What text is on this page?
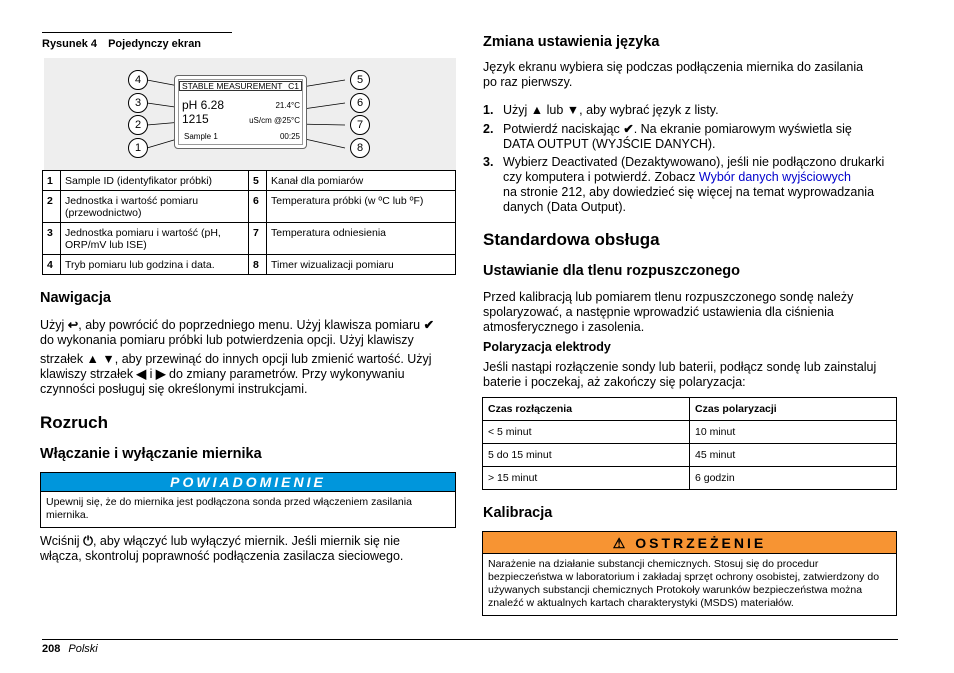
Rysunek 4 Pojedynczy ekran
STABLE MEASUREMENT C1
pH 6.28
1215
21.4°C
uS/cm @25°C
Sample 1	00:25
4
3
2
1
5
6
7
8
1	Sample ID (identyfikator próbki)	5	Kanał dla pomiarów
2	Jednostka i wartość pomiaru (przewodnictwo)	6	Temperatura próbki (w ºC lub ºF)
3	Jednostka pomiaru i wartość (pH, ORP/mV lub ISE)	7	Temperatura odniesienia
4	Tryb pomiaru lub godzina i data.	8	Timer wizualizacji pomiaru
Nawigacja
Użyj ↩, aby powrócić do poprzedniego menu. Użyj klawisza pomiaru ✔
do wykonania pomiaru próbki lub potwierdzenia opcji. Użyj klawiszy
strzałek ▲ ▼, aby przewinąć do innych opcji lub zmienić wartość. Użyj
klawiszy strzałek ◀ i ▶ do zmiany parametrów. Przy wykonywaniu
czynności posługuj się określonymi instrukcjami.
Rozruch
Włączanie i wyłączanie miernika
POWIADOMIENIE
Upewnij się, że do miernika jest podłączona sonda przed włączeniem zasilania miernika.
Wciśnij ⏻, aby włączyć lub wyłączyć miernik. Jeśli miernik się nie
włącza, skontroluj poprawność podłączenia zasilacza sieciowego.
Zmiana ustawienia języka
Język ekranu wybiera się podczas podłączenia miernika do zasilania
po raz pierwszy.
1. Użyj ▲ lub ▼, aby wybrać język z listy.
2. Potwierdź naciskając ✔. Na ekranie pomiarowym wyświetla się
DATA OUTPUT (WYJŚCIE DANYCH).
3. Wybierz Deactivated (Dezaktywowano), jeśli nie podłączono drukarki
czy komputera i potwierdź. Zobacz Wybór danych wyjściowych
na stronie 212, aby dowiedzieć się więcej na temat wyprowadzania
danych (Data Output).
Standardowa obsługa
Ustawianie dla tlenu rozpuszczonego
Przed kalibracją lub pomiarem tlenu rozpuszczonego sondę należy
spolaryzować, a następnie wprowadzić ustawienia dla ciśnienia
atmosferycznego i zasolenia.
Polaryzacja elektrody
Jeśli nastąpi rozłączenie sondy lub baterii, podłącz sondę lub zainstaluj
baterie i poczekaj, aż zakończy się polaryzacja:
Czas rozłączenia	Czas polaryzacji
< 5 minut	10 minut
5 do 15 minut	45 minut
> 15 minut	6 godzin
Kalibracja
⚠ OSTRZEŻENIE
Narażenie na działanie substancji chemicznych. Stosuj się do procedur bezpieczeństwa w laboratorium i zakładaj sprzęt ochrony osobistej, zatwierdzony do używanych substancji chemicznych Protokoły warunków bezpieczeństwa można znaleźć w aktualnych kartach charakterystyki (MSDS) materiałów.
208 Polski
